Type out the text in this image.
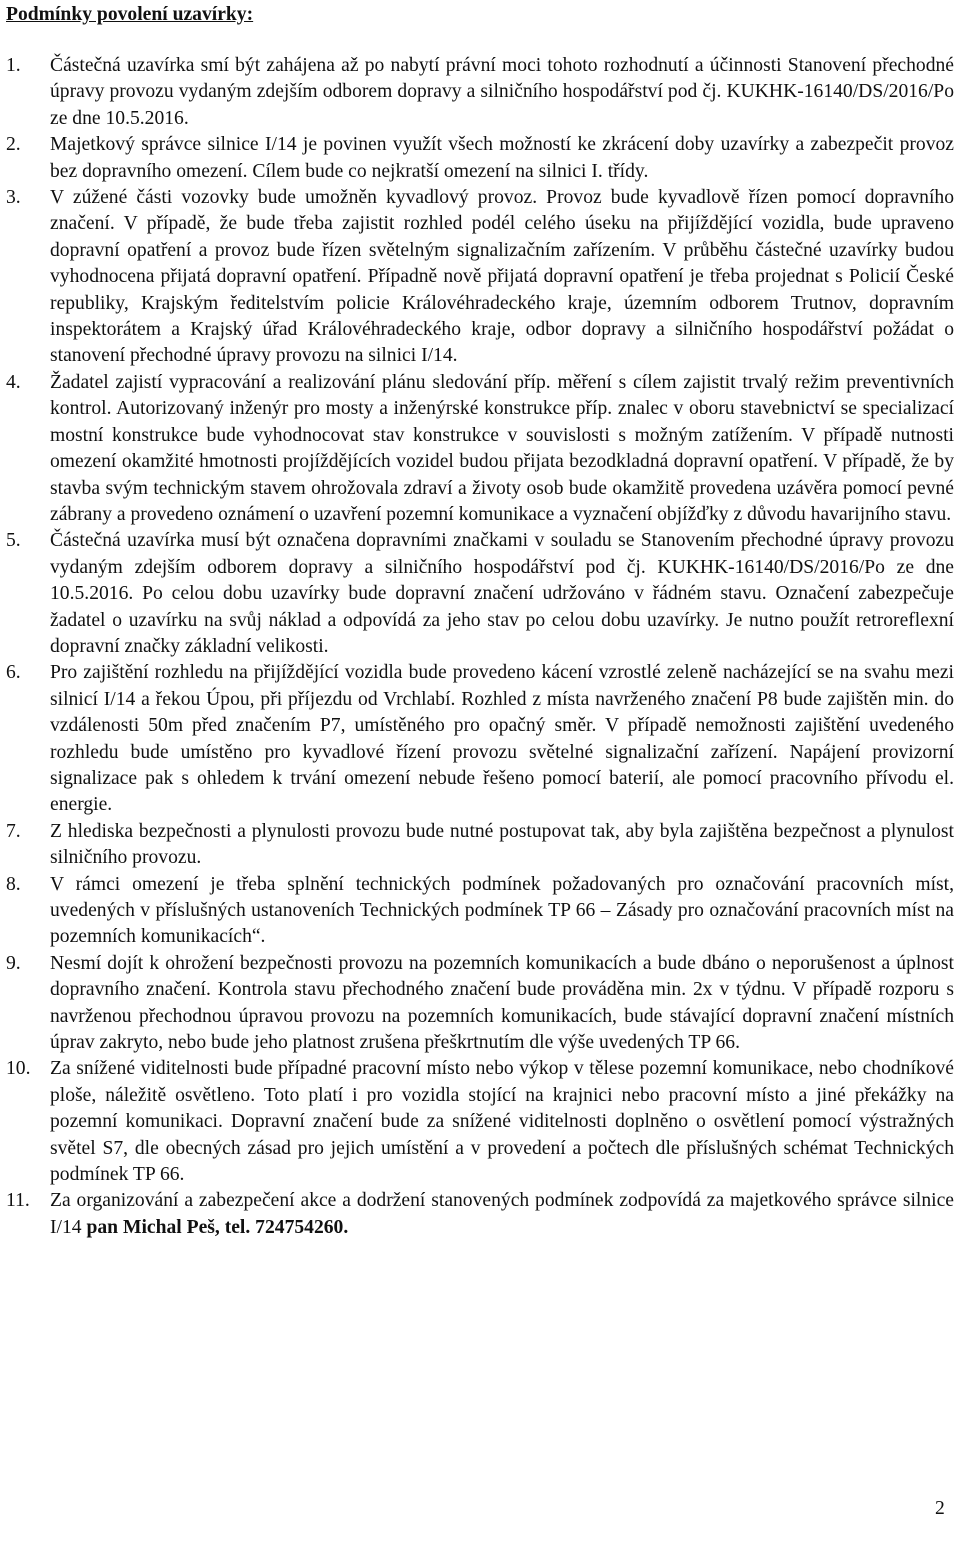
Podmínky povolení uzavírky:
1.	Částečná uzavírka smí být zahájena až po nabytí právní moci tohoto rozhodnutí a účinnosti Stanovení přechodné úpravy provozu vydaným zdejším odborem dopravy a silničního hospodářství pod čj. KUKHK-16140/DS/2016/Po ze dne 10.5.2016.
2.	Majetkový správce silnice I/14 je povinen využít všech možností ke zkrácení doby uzavírky a zabezpečit provoz bez dopravního omezení. Cílem bude co nejkratší omezení na silnici I. třídy.
3.	V zúžené části vozovky bude umožněn kyvadlový provoz. Provoz bude kyvadlově řízen pomocí dopravního značení. V případě, že bude třeba zajistit rozhled podél celého úseku na přijíždějící vozidla, bude upraveno dopravní opatření a provoz bude řízen světelným signalizačním zařízením. V průběhu částečné uzavírky budou vyhodnocena přijatá dopravní opatření. Případně nově přijatá dopravní opatření je třeba projednat s Policií České republiky, Krajským ředitelstvím policie Královéhradeckého kraje, územním odborem Trutnov, dopravním inspektorátem a Krajský úřad Královéhradeckého kraje, odbor dopravy a silničního hospodářství požádat o stanovení přechodné úpravy provozu na silnici I/14.
4.	Žadatel zajistí vypracování a realizování plánu sledování příp. měření s cílem zajistit trvalý režim preventivních kontrol. Autorizovaný inženýr pro mosty a inženýrské konstrukce příp. znalec v oboru stavebnictví se specializací mostní konstrukce bude vyhodnocovat stav konstrukce v souvislosti s možným zatížením. V případě nutnosti omezení okamžité hmotnosti projíždějících vozidel budou přijata bezodkladná dopravní opatření. V případě, že by stavba svým technickým stavem ohrožovala zdraví a životy osob bude okamžitě provedena uzávěra pomocí pevné zábrany a provedeno oznámení o uzavření pozemní komunikace a vyznačení objížďky z důvodu havarijního stavu.
5.	Částečná uzavírka musí být označena dopravními značkami v souladu se Stanovením přechodné úpravy provozu vydaným zdejším odborem dopravy a silničního hospodářství pod čj. KUKHK-16140/DS/2016/Po ze dne 10.5.2016. Po celou dobu uzavírky bude dopravní značení udržováno v řádném stavu. Označení zabezpečuje žadatel o uzavírku na svůj náklad a odpovídá za jeho stav po celou dobu uzavírky. Je nutno použít retroreflexní dopravní značky základní velikosti.
6.	Pro zajištění rozhledu na přijíždějící vozidla bude provedeno kácení vzrostlé zeleně nacházející se na svahu mezi silnicí I/14 a řekou Úpou, při příjezdu od Vrchlabí. Rozhled z místa navrženého značení P8 bude zajištěn min. do vzdálenosti 50m před značením P7, umístěného pro opačný směr. V případě nemožnosti zajištění uvedeného rozhledu bude umístěno pro kyvadlové řízení provozu světelné signalizační zařízení. Napájení provizorní signalizace pak s ohledem k trvání omezení nebude řešeno pomocí baterií, ale pomocí pracovního přívodu el. energie.
7.	Z hlediska bezpečnosti a plynulosti provozu bude nutné postupovat tak, aby byla zajištěna bezpečnost a plynulost silničního provozu.
8.	V rámci omezení je třeba splnění technických podmínek požadovaných pro označování pracovních míst, uvedených v příslušných ustanoveních Technických podmínek TP 66 – Zásady pro označování pracovních míst na pozemních komunikacích“.
9.	Nesmí dojít k ohrožení bezpečnosti provozu na pozemních komunikacích a bude dbáno o neporušenost a úplnost dopravního značení. Kontrola stavu přechodného značení bude prováděna min. 2x v týdnu. V případě rozporu s navrženou přechodnou úpravou provozu na pozemních komunikacích, bude stávající dopravní značení místních úprav zakryto, nebo bude jeho platnost zrušena přeškrtnutím dle výše uvedených TP 66.
10. Za snížené viditelnosti bude případné pracovní místo nebo výkop v tělese pozemní komunikace, nebo chodníkové ploše, náležitě osvětleno. Toto platí i pro vozidla stojící na krajnici nebo pracovní místo a jiné překážky na pozemní komunikaci. Dopravní značení bude za snížené viditelnosti doplněno o osvětlení pomocí výstražných světel S7, dle obecných zásad pro jejich umístění a v provedení a počtech dle příslušných schémat Technických podmínek TP 66.
11.	Za organizování a zabezpečení akce a dodržení stanovených podmínek zodpovídá za majetkového správce silnice I/14 pan Michal Peš, tel. 724754260.
2
